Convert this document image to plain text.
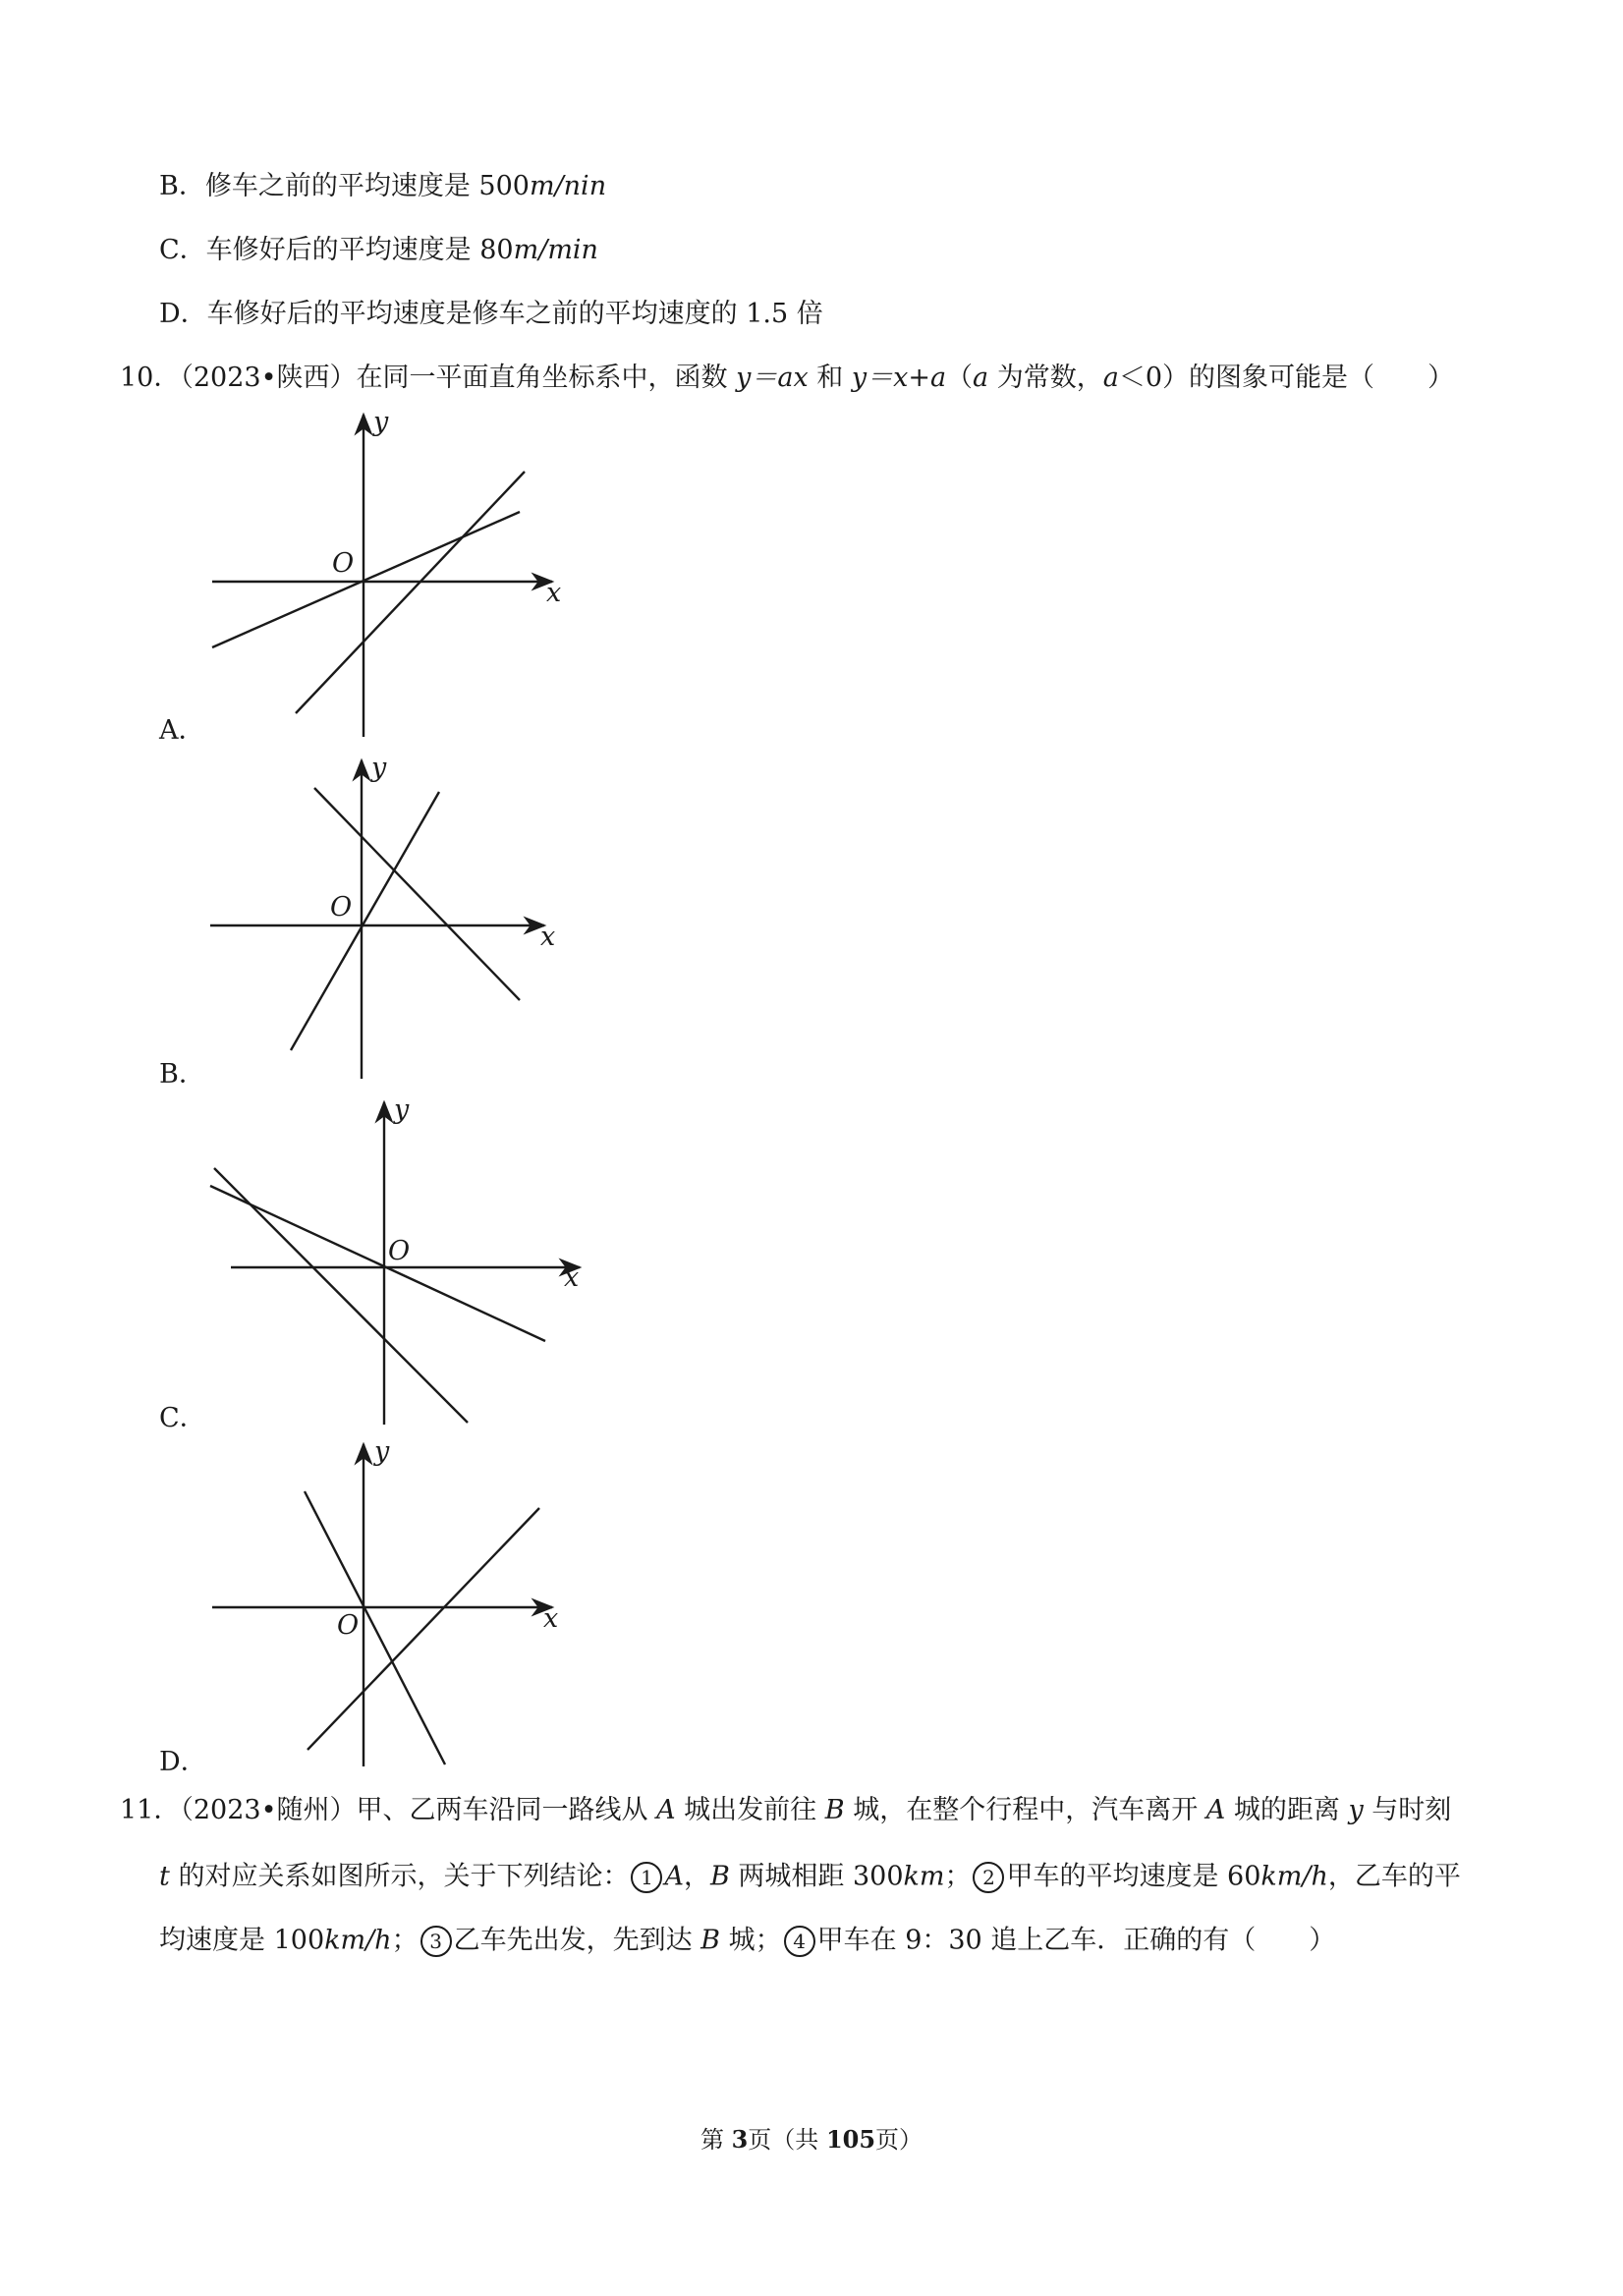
B．修车之前的平均速度是 500m/nin
C．车修好后的平均速度是 80m/min
D．车修好后的平均速度是修车之前的平均速度的 1.5 倍
10．（2023•陕西）在同一平面直角坐标系中，函数 y＝ax 和 y＝x+a（a 为常数，a＜0）的图象可能是（　　）
y
x
O
A．
y
x
O
B．
y
x
O
C．
y
x
O
D．
11．（2023•随州）甲、乙两车沿同一路线从 A 城出发前往 B 城，在整个行程中，汽车离开 A 城的距离 y 与时刻
t 的对应关系如图所示，关于下列结论： 1 A，B 两城相距 300km； 2 甲车的平均速度是 60km/h，乙车的平
均速度是 100km/h； 3 乙车先出发，先到达 B 城； 4 甲车在 9：30 追上乙车．正确的有（　　）
第 3页（共 105页）
